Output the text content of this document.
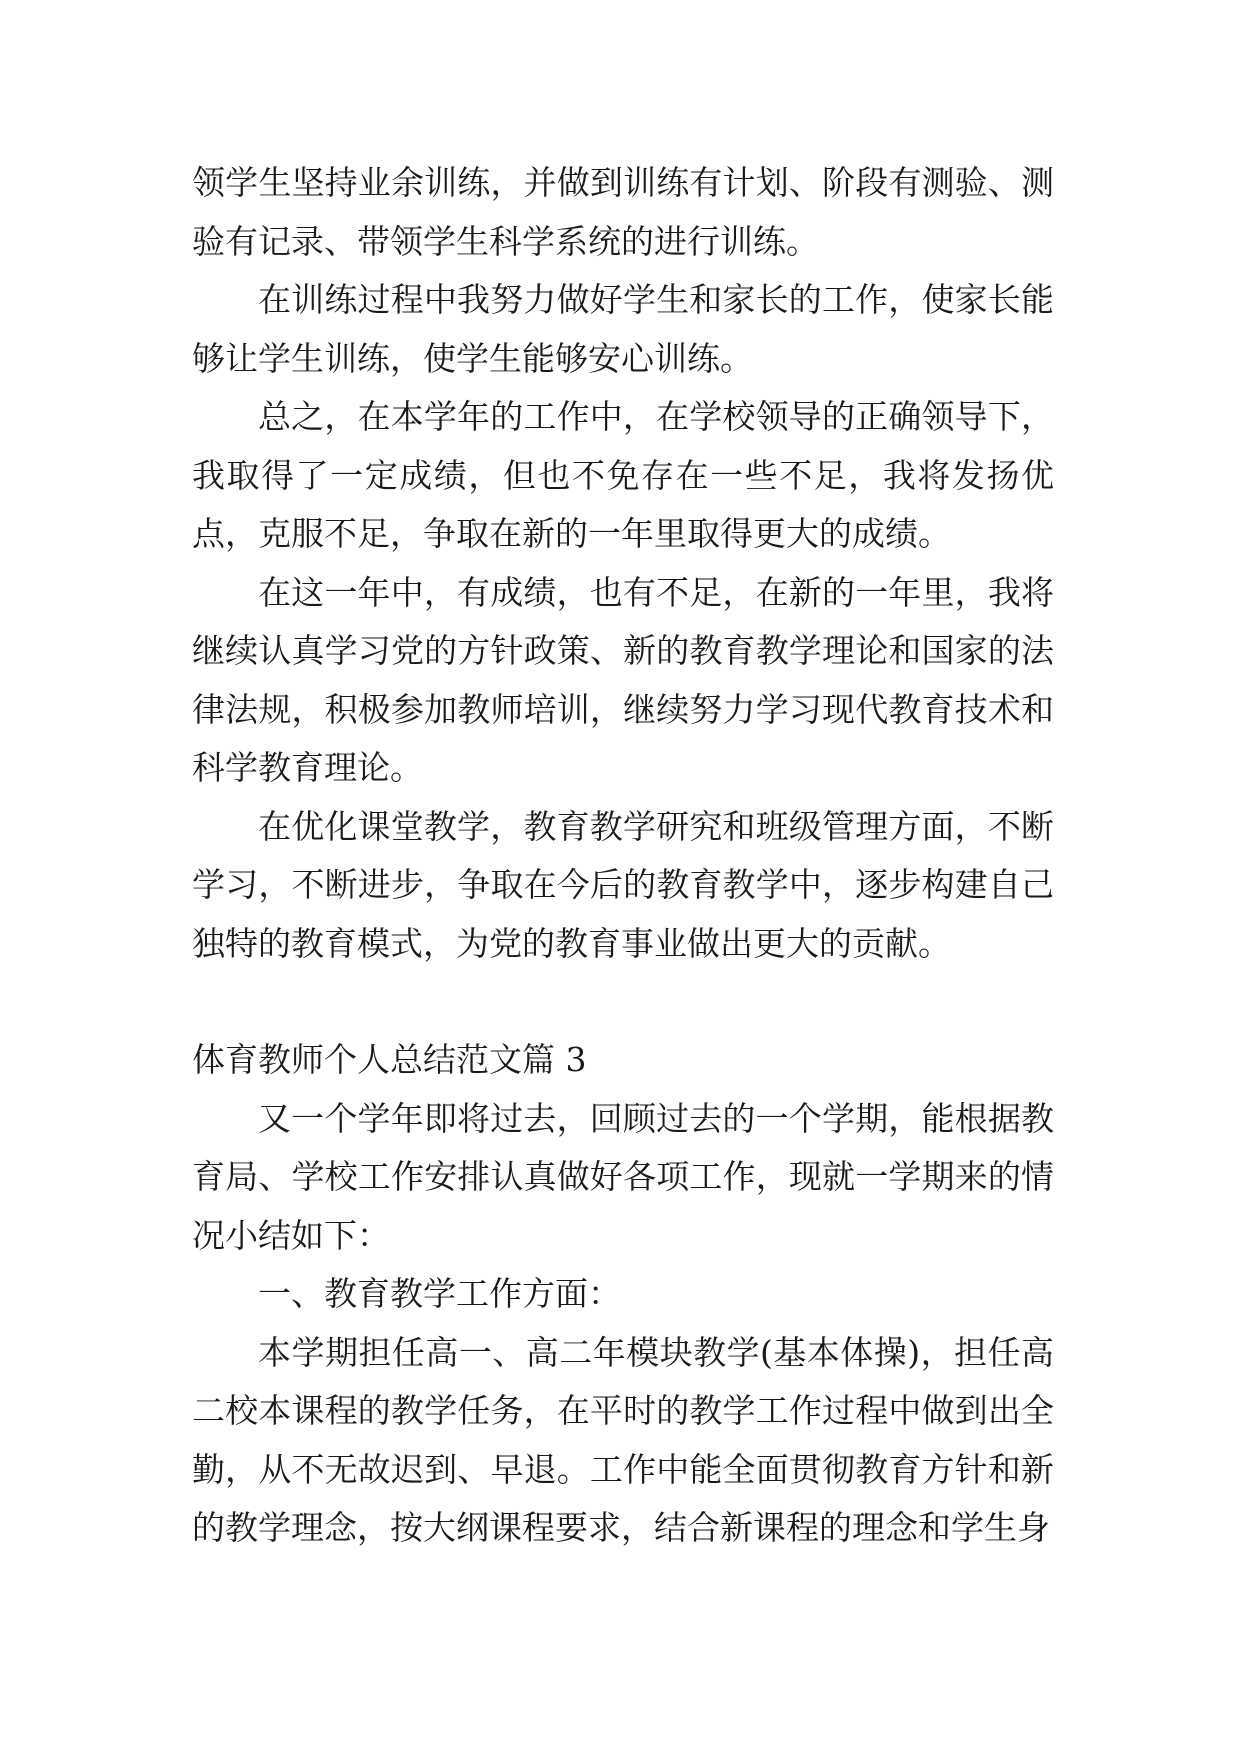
领学生坚持业余训练，并做到训练有计划、阶段有测验、测验有记录、带领学生科学系统的进行训练。

在训练过程中我努力做好学生和家长的工作，使家长能够让学生训练，使学生能够安心训练。

总之，在本学年的工作中，在学校领导的正确领导下，我取得了一定成绩，但也不免存在一些不足，我将发扬优点，克服不足，争取在新的一年里取得更大的成绩。

在这一年中，有成绩，也有不足，在新的一年里，我将继续认真学习党的方针政策、新的教育教学理论和国家的法律法规，积极参加教师培训，继续努力学习现代教育技术和科学教育理论。

在优化课堂教学，教育教学研究和班级管理方面，不断学习，不断进步，争取在今后的教育教学中，逐步构建自己独特的教育模式，为党的教育事业做出更大的贡献。

体育教师个人总结范文篇 3

又一个学年即将过去，回顾过去的一个学期，能根据教育局、学校工作安排认真做好各项工作，现就一学期来的情况小结如下：

一、教育教学工作方面：

本学期担任高一、高二年模块教学(基本体操)，担任高二校本课程的教学任务，在平时的教学工作过程中做到出全勤，从不无故迟到、早退。工作中能全面贯彻教育方针和新的教学理念，按大纲课程要求，结合新课程的理念和学生身
